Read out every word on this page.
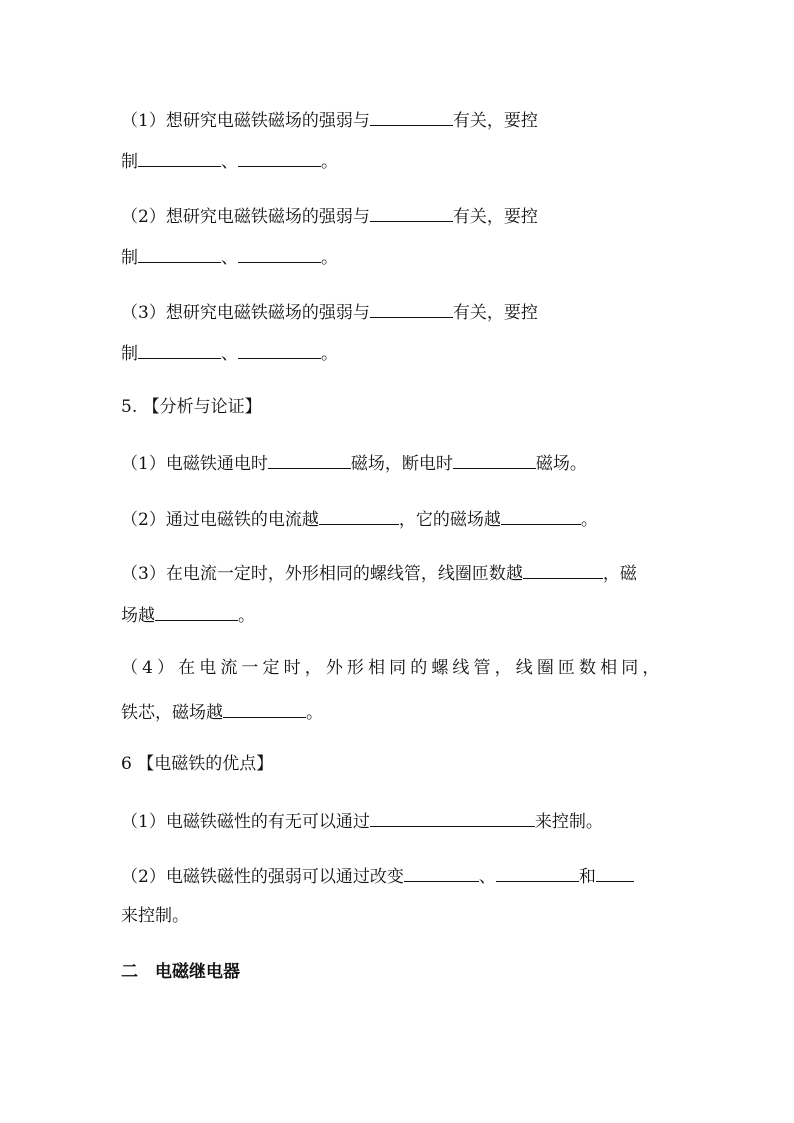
（1）想研究电磁铁磁场的强弱与	有关，要控
制	、	。
（2）想研究电磁铁磁场的强弱与	有关，要控
制	、	。
（3）想研究电磁铁磁场的强弱与	有关，要控
制	、	。
5. 【分析与论证】
（1）电磁铁通电时	磁场，断电时	磁场。
（2）通过电磁铁的电流越	，它的磁场越	。
（3）在电流一定时，外形相同的螺线管，线圈匝数越	，磁
场越	。
（4）在电流一定时，外形相同的螺线管，线圈匝数相同，
铁芯，磁场越	。
6 【电磁铁的优点】
（1）电磁铁磁性的有无可以通过	来控制。
（2）电磁铁磁性的强弱可以通过改变	、	和
来控制。
二　电磁继电器
